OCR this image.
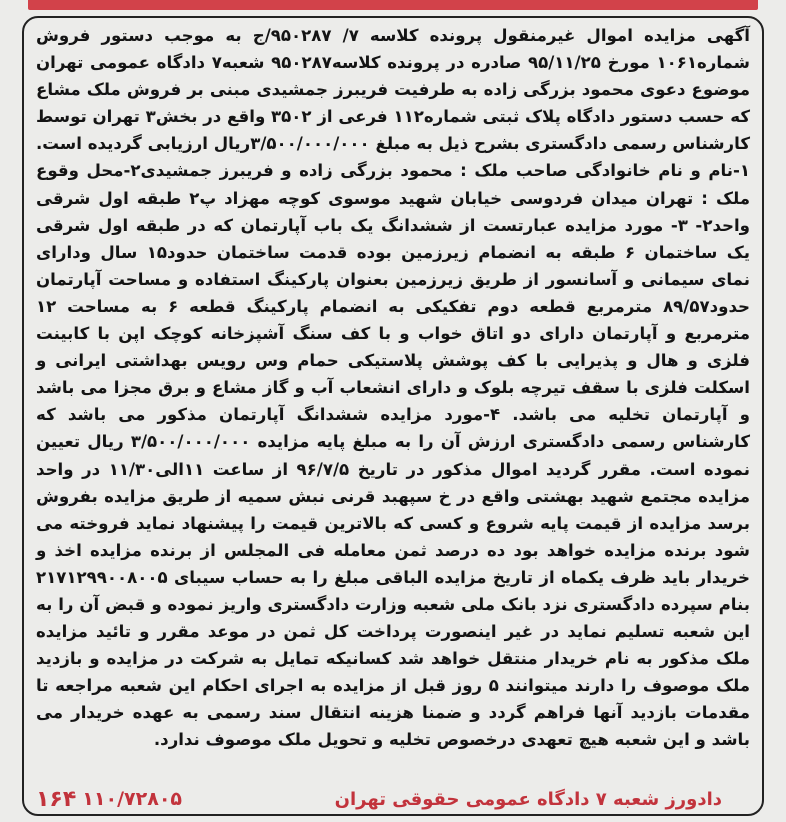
آگهی مزایده اموال غیرمنقول پرونده کلاسه ۷/ ۹۵۰۲۸۷/ج به موجب دستور فروش شماره۱۰۶۱ مورخ ۹۵/۱۱/۲۵ صادره در پرونده کلاسه۹۵۰۲۸۷ شعبه۷ دادگاه عمومی تهران موضوع دعوی محمود بزرگی زاده به طرفیت فریبرز جمشیدی مبنی بر فروش ملک مشاع که حسب دستور دادگاه پلاک ثبتی شماره۱۱۲ فرعی از ۳۵۰۲ واقع در بخش۳ تهران توسط کارشناس رسمی دادگستری بشرح ذیل به مبلغ ۳/۵۰۰/۰۰۰/۰۰۰ریال ارزیابی گردیده است. ۱-نام و نام خانوادگی صاحب ملک : محمود بزرگی زاده و فریبرز جمشیدی۲-محل وقوع ملک : تهران میدان فردوسی خیابان شهید موسوی کوچه مهزاد پ۲ طبقه اول شرقی واحد۲- ۳- مورد مزایده عبارتست از ششدانگ یک باب آپارتمان که در طبقه اول شرقی یک ساختمان ۶ طبقه به انضمام زیرزمین بوده قدمت ساختمان حدود۱۵ سال ودارای نمای سیمانی و آسانسور از طریق زیرزمین بعنوان پارکینگ استفاده و مساحت آپارتمان حدود۸۹/۵۷ مترمربع قطعه دوم تفکیکی به انضمام پارکینگ قطعه ۶ به مساحت ۱۲ مترمربع و آپارتمان دارای دو اتاق خواب و با کف سنگ آشپزخانه کوچک اپن با کابینت فلزی و هال و پذیرایی با کف پوشش پلاستیکی حمام وس رویس بهداشتی ایرانی و اسکلت فلزی با سقف تیرچه بلوک و دارای انشعاب آب و گاز مشاع و برق مجزا می باشد و آپارتمان تخلیه می باشد. ۴-مورد مزایده ششدانگ آپارتمان مذکور می باشد که کارشناس رسمی دادگستری ارزش آن را به مبلغ پایه مزایده ۳/۵۰۰/۰۰۰/۰۰۰ ریال تعیین نموده است. مقرر گردید اموال مذکور در تاریخ ۹۶/۷/۵ از ساعت ۱۱الی۱۱/۳۰ در واحد مزایده مجتمع شهید بهشتی واقع در خ سپهبد قرنی نبش سمیه از طریق مزایده بفروش برسد مزایده از قیمت پایه شروع و کسی که بالاترین قیمت را پیشنهاد نماید فروخته می شود برنده مزایده خواهد بود ده درصد ثمن معامله فی المجلس از برنده مزایده اخذ و خریدار باید ظرف یکماه از تاریخ مزایده الباقی مبلغ را به حساب سیبای ۲۱۷۱۲۹۹۰۰۸۰۰۵ بنام سپرده دادگستری نزد بانک ملی شعبه وزارت دادگستری واریز نموده و قبض آن را به این شعبه تسلیم نماید در غیر اینصورت پرداخت کل ثمن در موعد مقرر و تائید مزایده ملک مذکور به نام خریدار منتقل خواهد شد کسانیکه تمایل به شرکت در مزایده و بازدید ملک موصوف را دارند میتوانند ۵ روز قبل از مزایده به اجرای احکام این شعبه مراجعه تا مقدمات بازدید آنها فراهم گردد و ضمنا هزینه انتقال سند رسمی به عهده خریدار می باشد و این شعبه هیچ تعهدی درخصوص تخلیه و تحویل ملک موصوف ندارد.

دادورز شعبه ۷ دادگاه عمومی حقوقی تهران
۱۶۴ ۱۱۰/۷۲۸۰۵
